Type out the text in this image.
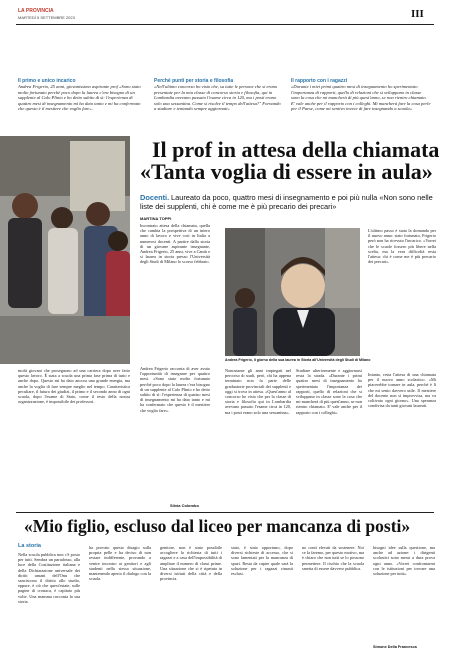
LA PROVINCIA
MARTEDÌ 5 SETTEMBRE 2023	III
Il primo e unico incarico
Andrea Frigerio, 25 anni, giovanissimo aspirante prof «Sono stato molto fortunato perché poco dopo la laurea c'era bisogno di un supplente al Calo Plinio e ho detto subito di sì: l'esperienza di quattro mesi di insegnamento mi ha dato tanto e mi ha confermato che questo è il mestiere che voglio fare».
Perché punti per storia e filosofia
«Nell'ultimo concorso ho visto che, su tutte le persone che si erano presentate per la mia classe di concorso storia e filosofia, qui in Lombardia avevano passato l'esame circa in 120, ma i posti erano solo una sessantina. Come si risolve il tempo dell'attesa?" Fornando a studiare e tentando sempre aggiornati»
Il rapporto con i ragazzi
«Durante i miei primi quattro mesi di insegnamento ho sperimentato l'importanza di rapporti, quello di relazioni che si sviluppano in classe sono la cosa che mi mancherà di più quest'anno, se non rientro chiamato. E' vale anche per il rapporto con i colleghi. Mi mancherà fare la cosa perle per il Paese, come mi sentivo invece di fare insegnando a scuola»
Il prof in attesa della chiamata
«Tanta voglia di essere in aula»
Docenti. Laureato da poco, quattro mesi di insegnamento e poi più nulla «Non sono nelle liste dei supplenti, chi è come me è più precario dei precari»
MARTINA TOPPI
Incontrato attesa della chiamata, quella che cambia la prospettiva di un intero anno di lavoro e vive così in Italia a numerosi docenti. A partire dalla storia di un giovane aspirante insegnante, Andrea Frigerio, 25 anni, vive a Cantù e si laurea in storia presso l'Università degli Studi di Milano lo scorso febbraio.
Andrea Frigerio racconta di aver avuto l'opportunità di insegnare per quattro mesi. «Sono stato molto fortunato perché poco dopo la laurea c'era bisogno di un supplente al Calo Plinio e ho detto subito di sì: l'esperienza di quattro mesi di insegnamento mi ha dato tanto e mi ha confermato che questo è il mestiere che voglio fare».
Andrea Frigerio, il giorno della sua laurea in Storia all'Università degli Studi di Milano
molti giovani che proseguono ad una carriera dopo aver fatto questo lavoro. È stata a scuola una prima fase prima di tutto e anche dopo. Questo mi ha dato ancora una grande energia, ma anche la voglia di fare sempre meglio nel tempo. Caratteristica peculiare, il futuro dei giudizi, il primo e il secondo anno di ogni scuola, dopo l'esame di Stato, come il resto della nostra organizzazione, è impossibile dei professori.
Nonostante gli anni impiegati nel percorso di studi, però, chi ha appena terminato non fa parte delle graduatorie provinciali dei supplenti e oggi si trova in attesa. «Quest'anno al concorso ho visto che per la classe di storia e filosofia qui in Lombardia avevano passato l'esame circa in 120, ma i posti erano solo una sessantina».
Studiare ulteriormente e aggiornarsi resta la strada. «Durante i primi quattro mesi di insegnamento ho sperimentato l'importanza dei rapporti, quello di relazioni che si sviluppano in classe sono la cosa che mi mancherà di più quest'anno, se non rientro chiamato. E' vale anche per il rapporto con i colleghi».
L'ultimo passo è stata la domanda per il nuovo anno: stato fortunato, Frigerio però non ha ricevuto l'incarico. «Vorrei che le scuole fossero più libere nella scelta, ma la vera difficoltà resta l'attesa: chi è come me è più precario dei precari».
Intanto, resta l'attesa di una chiamata per il nuovo anno scolastico. «Mi piacerebbe tornare in aula, perché è lì che mi sento davvero utile. Il mestiere del docente non si improvvisa, ma va coltivato ogni giorno». Una speranza condivisa da tanti giovani laureati.
Silvia Colombo
«Mio figlio, escluso dal liceo per mancanza di posti»
La storia
Nella scuola pubblica non c'è posto per tutti. Sembra un paradosso, alla luce della Costituzione italiana e della Dichiarazione universale dei diritti umani dell'Onu che sanciscono il diritto allo studio, eppure, è ciò che quest'estate, sulle pagine di cronaca, è capitato più volte. Una mamma racconta la sua storia.
ha provato questo disagio sulla propria pelle e ha deciso di non restare indifferente, provando a venire incontro ai genitori e agli studenti nella stessa situazione, mantenendo aperto il dialogo con la scuola.
genitore, non è stato possibile accogliere la richiesta di tutti i ragazzi e a casa dell'impossibilità di ampliare il numero di classi prime. Una situazione che si è ripetuta in diversi istituti della città e della provincia.
stato, è stato opportuno, dopo diversi richieste di accesso, che si sono lamentati per la mancanza di spazi. Resta da capire quale sarà la soluzione per i ragazzi rimasti esclusi.
no conti elevati da sostenere. Noi ce la faremo, per questo motivo, ma è chiaro che non tutti se lo possono permettere. Il rischio che la scuola smetta di essere davvero pubblica.
bisogni idee sulla questione, ma anche ad azione: i dirigenti scolastici sono messi a dura prova ogni anno. «Vorrei confrontarmi con le istituzioni per trovare una soluzione per tutti».
Simone Della Francesca
